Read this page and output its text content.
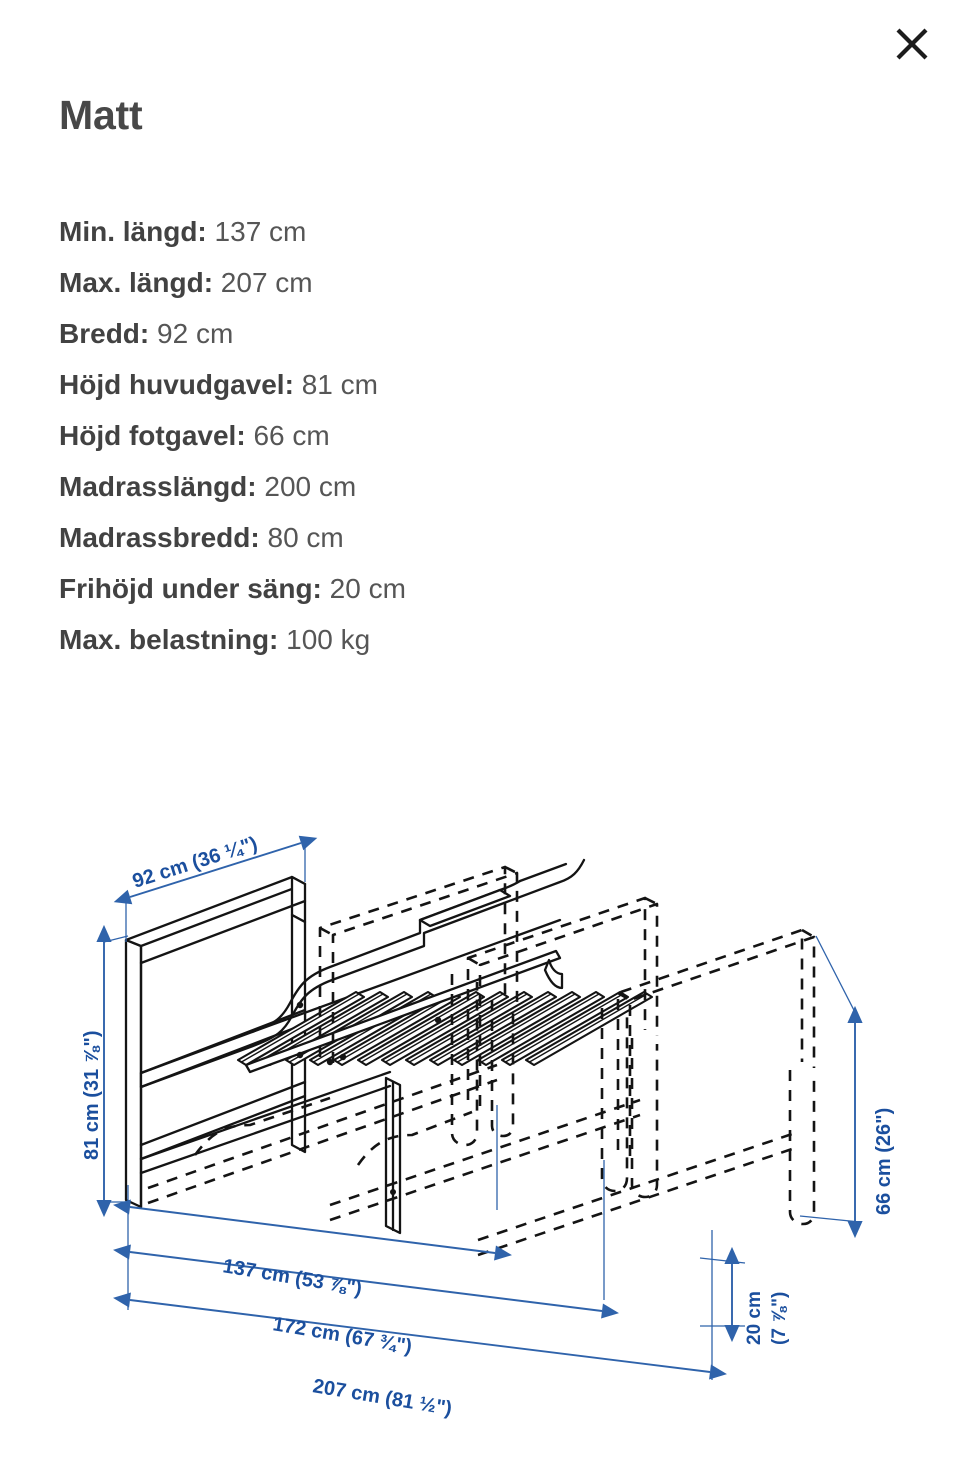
Matt
Min. längd: 137 cm
Max. längd: 207 cm
Bredd: 92 cm
Höjd huvudgavel: 81 cm
Höjd fotgavel: 66 cm
Madrasslängd: 200 cm
Madrassbredd: 80 cm
Frihöjd under säng: 20 cm
Max. belastning: 100 kg
92 cm (36 ¼")
81 cm (31 ⅞")
66 cm (26")
137 cm (53 ⅞")
172 cm (67 ¾")
207 cm (81 ½")
20 cm (7 ⅞")
